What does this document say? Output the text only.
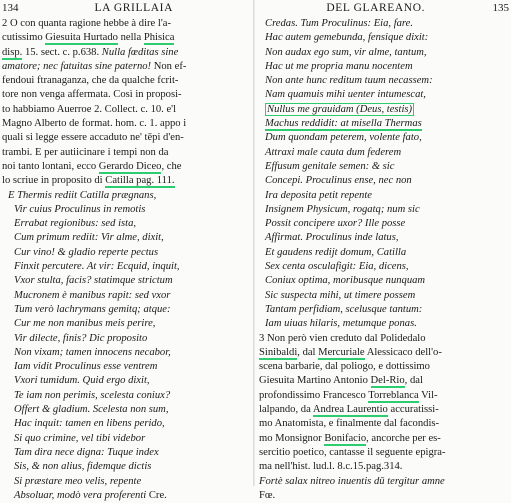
134	LA GRILLAIA
2 O con quanta ragione hebbe à dire l'a-
cutissimo Giesuita Hurtado nella Phisica
disp. 15. sect. c. p.638. Nulla fœditas sine
amatore; nec fatuitas sine paterno! Non ef-
fendoui ftranaganza, che da qualche fcrit-
tore non venga affermata. Così in proposi-
to habbiamo Auerroe 2. Collect. c. 10. e'l
Magno Alberto de format. hom. c. 1. appo i
quali si legge essere accaduto ne' tēpi d'en-
trambi. E per autiicinare i tempi non da
noi tanto lontani, ecco Gerardo Diceo, che
lo scriue in proposito di Catilla pag. 111.
E Thermis rediit Catilla prægnans,
Vir cuius Proculinus in remotis
Errabat regionibus: sed ista,
Cum primum rediit: Vir alme, dixit,
Cur vino! & gladio reperte pectus
Finxit percutere. At vir: Ecquid, inquit,
Vxor stulta, facis? statimque strictum
Mucronem è manibus rapit: sed vxor
Tum verò lachrymans gemitq; atque:
Cur me non manibus meis perire,
Vir dilecte, finis? Dic proposito
Non vixam; tamen innocens necabor,
Iam vidit Proculinus esse ventrem
Vxori tumidum. Quid ergo dixit,
Te iam non perimis, scelesta coniux?
Offert & gladium. Scelesta non sum,
Hac inquit: tamen en libens perido,
Si quo crimine, vel tibi videbor
Tam dira nece digna: Tuque index
Sis, & non alius, fidemque dictis
Si præstare meo velis, repente
Absoluar, modò vera proferenti Cre.
DEL GLAREANO.	135
Credas. Tum Proculinus: Eia, fare.
Hac autem gemebunda, fensique dixit:
Non audax ego sum, vir alme, tantum,
Hac ut me propria manu nocentem
Non ante hunc reditum tuum necassem:
Nam quamuis mihi uenter intumescat,
Nullus me grauidam (Deus, testis)
Machus reddidit: at misella Thermas
Dum quondam peterem, volente fato,
Attraxi male cauta dum federem
Effusum genitale semen: & sic
Concepi. Proculinus ense, nec non
Ira deposita petit repente
Insignem Physicum, rogatq; num sic
Possit concipere uxor? Ille posse
Affirmat. Proculinus inde latus,
Et gaudens redijt domum, Catilla
Sex centa osculafigit: Eia, dicens,
Coniux optima, moribusque nunquam
Sic suspecta mihi, ut timere possem
Tantam perfidiam, scelusque tantum:
Iam uiuas hilaris, metumque ponas.
3 Non però vien creduto dal Polidedalo
Sinibaldi, dal Mercuriale Alessicaco dell'o-
scena barbarie, dal poliogo, e dottissimo
Giesuita Martino Antonio Del-Rio, dal
profondissimo Francesco Torreblanca Vil-
lalpando, da Andrea Laurentio accuratissi-
mo Anatomista, e finalmente dal facondis-
mo Monsignor Bonifacio, ancorche per es-
sercitio poetico, cantasse il seguente epigra-
ma nell'hist. lud.l. 8.c.15.pag.314.
Fortè salax nitreo inuentis dū tergitur amne
Fœ.
